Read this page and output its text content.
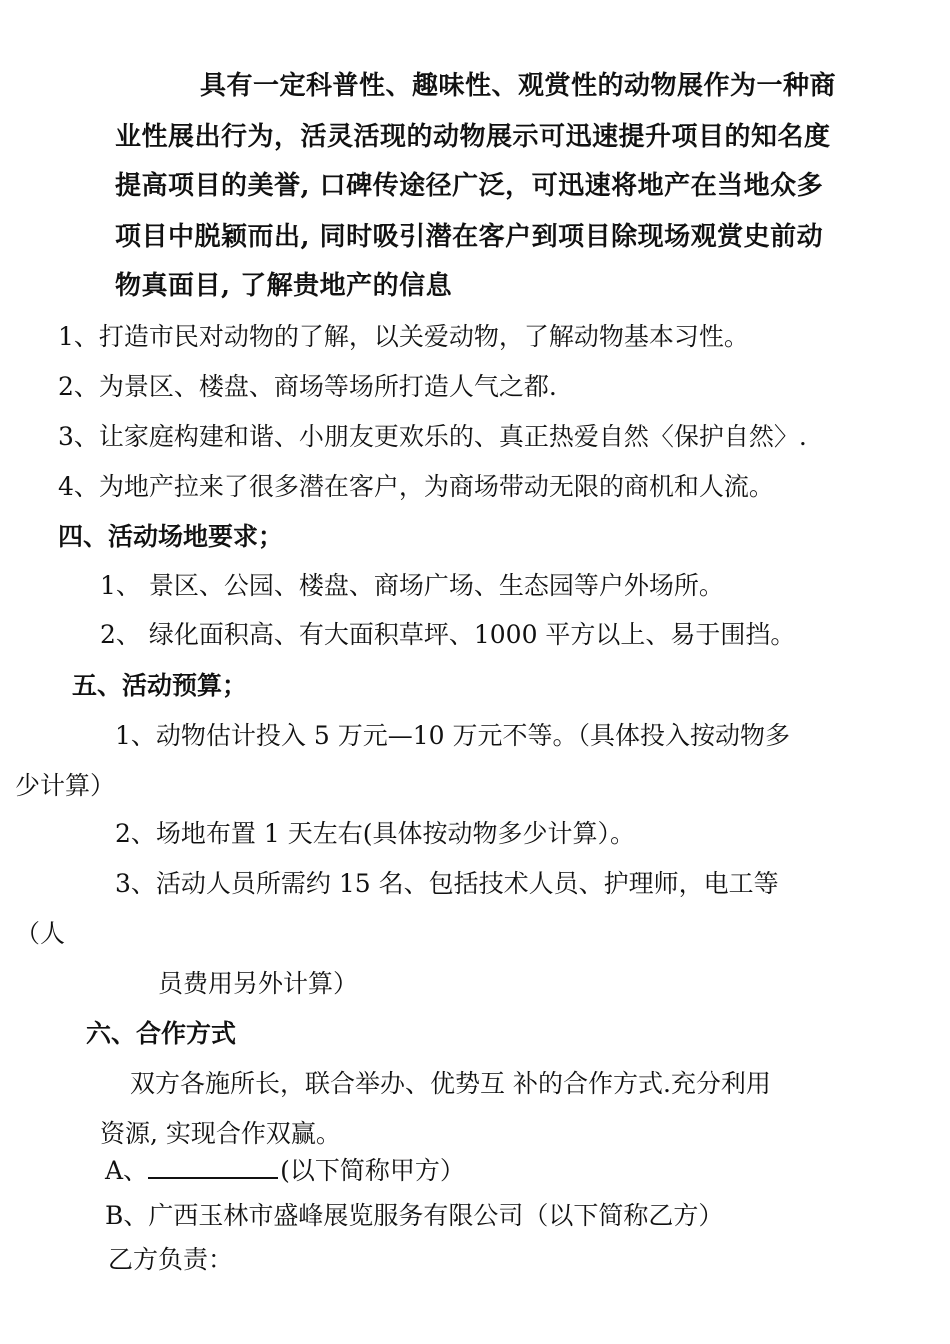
具有一定科普性、趣味性、观赏性的动物展作为一种商
业性展出行为，活灵活现的动物展示可迅速提升项目的知名度
提高项目的美誉, 口碑传途径广泛，可迅速将地产在当地众多
项目中脱颖而出, 同时吸引潜在客户到项目除现场观赏史前动
物真面目, 了解贵地产的信息
1、打造市民对动物的了解，以关爱动物，了解动物基本习性。
2、为景区、楼盘、商场等场所打造人气之都.
3、让家庭构建和谐、小朋友更欢乐的、真正热爱自然〈保护自然〉.
4、为地产拉来了很多潜在客户，为商场带动无限的商机和人流。
四、活动场地要求；
1、 景区、公园、楼盘、商场广场、生态园等户外场所。
2、 绿化面积高、有大面积草坪、1000 平方以上、易于围挡。
五、活动预算；
1、动物估计投入 5 万元—10 万元不等。（具体投入按动物多
少计算）
2、场地布置 1 天左右(具体按动物多少计算）。
3、活动人员所需约 15 名、包括技术人员、护理师，电工等
（人
员费用另外计算）
六、合作方式
双方各施所长，联合举办、优势互 补的合作方式.充分利用
资源, 实现合作双赢。
A、	(以下简称甲方）
B、广西玉林市盛峰展览服务有限公司（以下简称乙方）
乙方负责：
